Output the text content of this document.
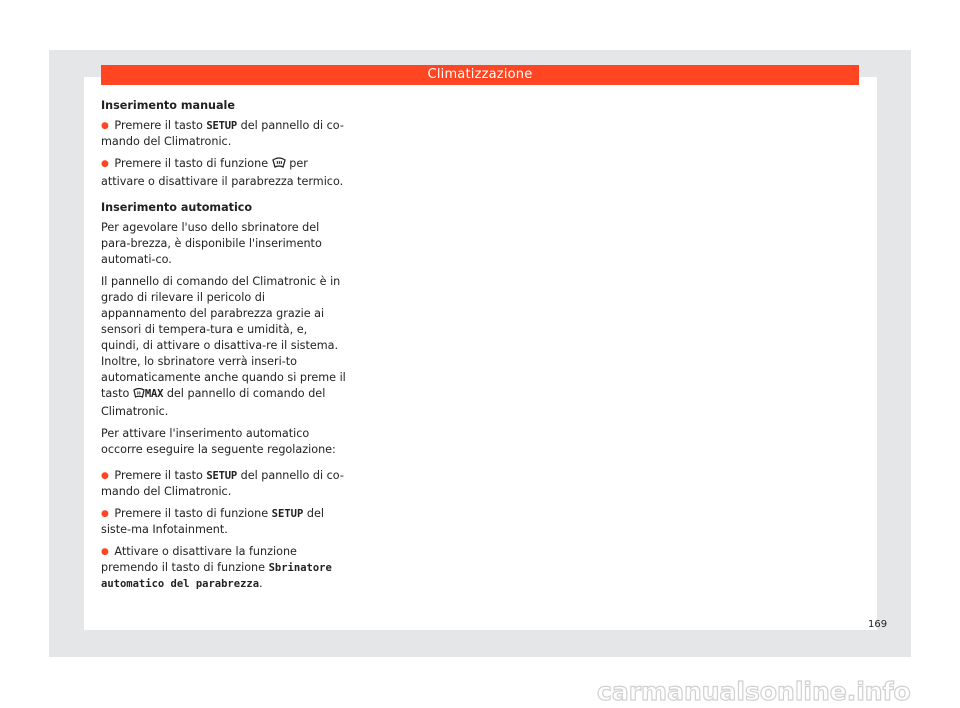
Climatizzazione
Inserimento manuale

● Premere il tasto SETUP del pannello di co-mando del Climatronic.

● Premere il tasto di funzione per attivare o disattivare il parabrezza termico.

Inserimento automatico

Per agevolare l'uso dello sbrinatore del para-brezza, è disponibile l'inserimento automati-co.

Il pannello di comando del Climatronic è in grado di rilevare il pericolo di appannamento del parabrezza grazie ai sensori di tempera-tura e umidità, e, quindi, di attivare o disattiva-re il sistema. Inoltre, lo sbrinatore verrà inseri-to automaticamente anche quando si preme il tasto MAX del pannello di comando del Climatronic.

Per attivare l'inserimento automatico occorre eseguire la seguente regolazione:

● Premere il tasto SETUP del pannello di co-mando del Climatronic.

● Premere il tasto di funzione SETUP del siste-ma Infotainment.

● Attivare o disattivare la funzione premendo il tasto di funzione Sbrinatore automatico del parabrezza.

169
carmanualsonline.info
